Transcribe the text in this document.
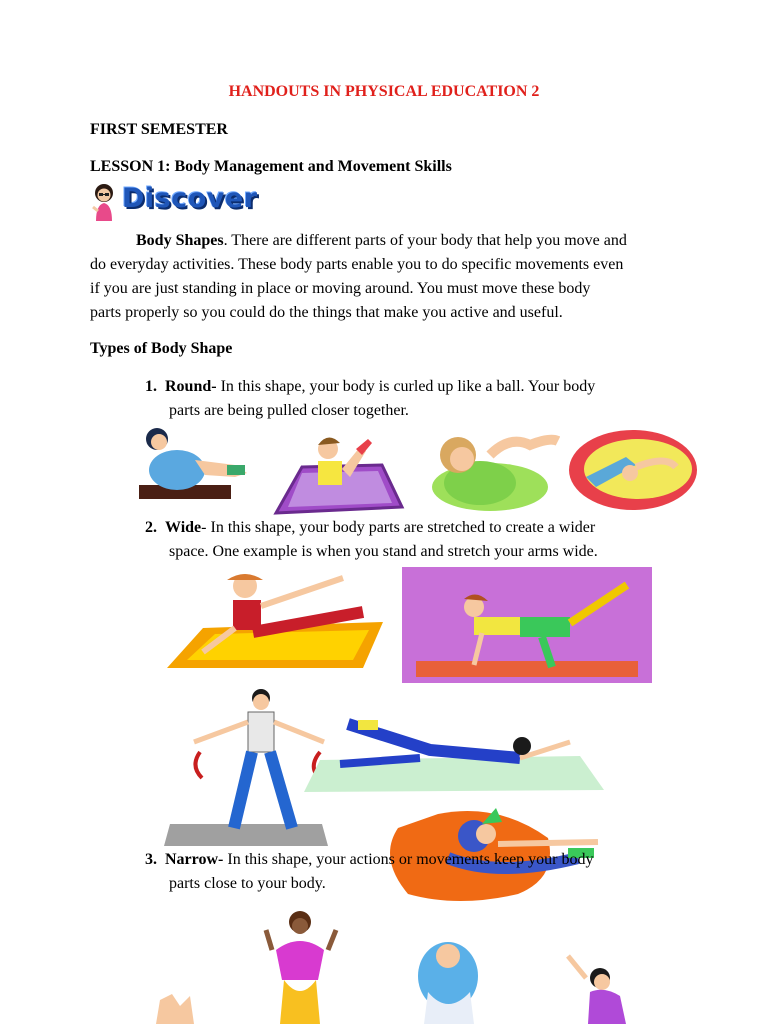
HANDOUTS IN PHYSICAL EDUCATION 2
FIRST SEMESTER
LESSON 1: Body Management and Movement Skills
Discover
Body Shapes. There are different parts of your body that help you move and
do everyday activities. These body parts enable you to do specific movements even
if you are just standing in place or moving around. You must move these body
parts properly so you could do the things that make you active and useful.
Types of Body Shape
1. Round- In this shape, your body is curled up like a ball. Your body
parts are being pulled closer together.
2. Wide- In this shape, your body parts are stretched to create a wider
space. One example is when you stand and stretch your arms wide.
3. Narrow- In this shape, your actions or movements keep your body
parts close to your body.
